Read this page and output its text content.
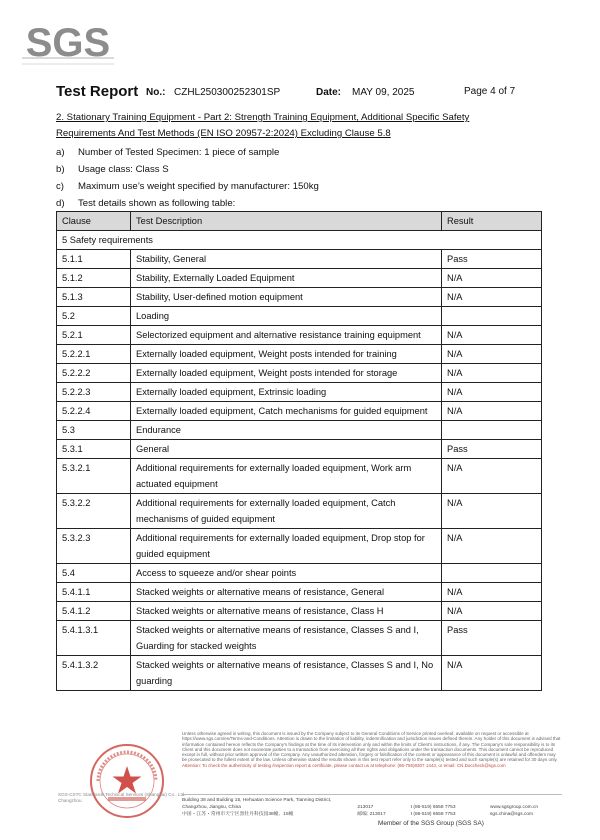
SGS
Test Report No.: CZHL250300252301SP	Date: MAY 09, 2025	Page 4 of 7
2. Stationary Training Equipment - Part 2: Strength Training Equipment, Additional Specific Safety
Requirements And Test Methods (EN ISO 20957-2:2024) Excluding Clause 5.8
a) Number of Tested Specimen: 1 piece of sample
b) Usage class: Class S
c) Maximum use’s weight specified by manufacturer: 150kg
d) Test details shown as following table:
Clause	Test Description	Result
5 Safety requirements		
5.1.1	Stability, General	Pass
5.1.2	Stability, Externally Loaded Equipment	N/A
5.1.3	Stability, User-defined motion equipment	N/A
5.2	Loading	
5.2.1	Selectorized equipment and alternative resistance training equipment	N/A
5.2.2.1	Externally loaded equipment, Weight posts intended for training	N/A
5.2.2.2	Externally loaded equipment, Weight posts intended for storage	N/A
5.2.2.3	Externally loaded equipment, Extrinsic loading	N/A
5.2.2.4	Externally loaded equipment, Catch mechanisms for guided equipment	N/A
5.3	Endurance	
5.3.1	General	Pass
5.3.2.1	Additional requirements for externally loaded equipment, Work arm actuated equipment	N/A
5.3.2.2	Additional requirements for externally loaded equipment, Catch mechanisms of guided equipment	N/A
5.3.2.3	Additional requirements for externally loaded equipment, Drop stop for guided equipment	N/A
5.4	Access to squeeze and/or shear points	
5.4.1.1	Stacked weights or alternative means of resistance, General	N/A
5.4.1.2	Stacked weights or alternative means of resistance, Class H	N/A
5.4.1.3.1	Stacked weights or alternative means of resistance, Classes S and I, Guarding for stacked weights	Pass
5.4.1.3.2	Stacked weights or alternative means of resistance, Classes S and I, No guarding	N/A
SGS-CSTC Standards Technical Services (Shanghai) Co., Ltd. Changzhou
Unless otherwise agreed in writing, this document is issued by the Company subject to its General Conditions of Service printed overleaf, available on request or accessible at https://www.sgs.com/en/Terms-and-Conditions. Attention is drawn to the limitation of liability, indemnification and jurisdiction issues defined therein. Any holder of this document is advised that information contained hereon reflects the Company's findings at the time of its intervention only and within the limits of Client's instructions, if any. The Company's sole responsibility is to its Client and this document does not exonerate parties to a transaction from exercising all their rights and obligations under the transaction documents. This document cannot be reproduced except in full, without prior written approval of the Company. Any unauthorized alteration, forgery or falsification of the content or appearance of this document is unlawful and offenders may be prosecuted to the fullest extent of the law. Unless otherwise stated the results shown in this test report refer only to the sample(s) tested and such sample(s) are retained for 30 days only. Attention: To check the authenticity of testing /inspection report & certificate, please contact us at telephone: (86-755)8307 1443, or email: CN.Doccheck@sgs.com
Building 38 and Building 15, Hehuatan Science Park, Tianning District, Changzhou, Jiangsu, China	213017	t (86-519) 6558 7753	www.sgsgroup.com.cn
中国・江苏・常州市天宁区黑牡丹科技园38幢、15幢	邮编: 213017	t (86-519) 6558 7753	sgs.china@sgs.com
Member of the SGS Group (SGS SA)
